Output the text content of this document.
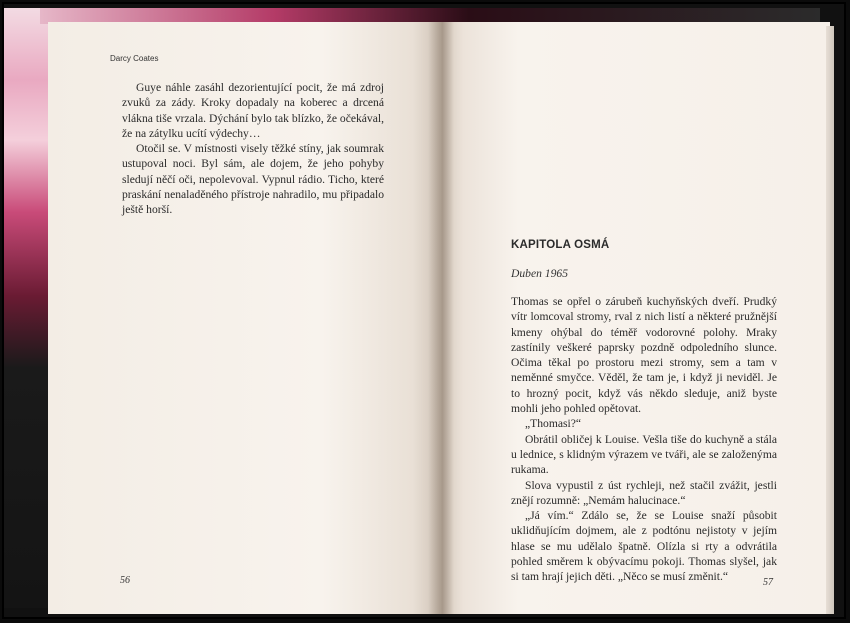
Darcy Coates

Guye náhle zasáhl dezorientující pocit, že má zdroj zvuků za zády. Kroky dopadaly na koberec a drcená vlákna tiše vrzala. Dýchání bylo tak blízko, že očekával, že na zátylku ucítí výdechy…

Otočil se. V místnosti visely těžké stíny, jak soumrak ustupoval noci. Byl sám, ale dojem, že jeho pohyby sledují něčí oči, nepolevoval. Vypnul rádio. Ticho, které praskání nenaladěného přístroje nahradilo, mu připadalo ještě horší.

56
KAPITOLA OSMÁ
Duben 1965

Thomas se opřel o zárubeň kuchyňských dveří. Prudký vítr lomcoval stromy, rval z nich listí a některé pružnější kmeny ohýbal do téměř vodorovné polohy. Mraky zastínily veškeré paprsky pozdně odpoledního slunce. Očima těkal po prostoru mezi stromy, sem a tam v neměnné smyčce. Věděl, že tam je, i když ji neviděl. Je to hrozný pocit, když vás někdo sleduje, aniž byste mohli jeho pohled opětovat.

„Thomasi?“

Obrátil obličej k Louise. Vešla tiše do kuchyně a stála u lednice, s klidným výrazem ve tváři, ale se založenýma rukama.

Slova vypustil z úst rychleji, než stačil zvážit, jestli znějí rozumně: „Nemám halucinace.“

„Já vím.“ Zdálo se, že se Louise snaží působit uklidňujícím dojmem, ale z podtónu nejistoty v jejím hlase se mu udělalo špatně. Olízla si rty a odvrátila pohled směrem k obývacímu pokoji. Thomas slyšel, jak si tam hrají jejich děti. „Něco se musí změnit.“	57
